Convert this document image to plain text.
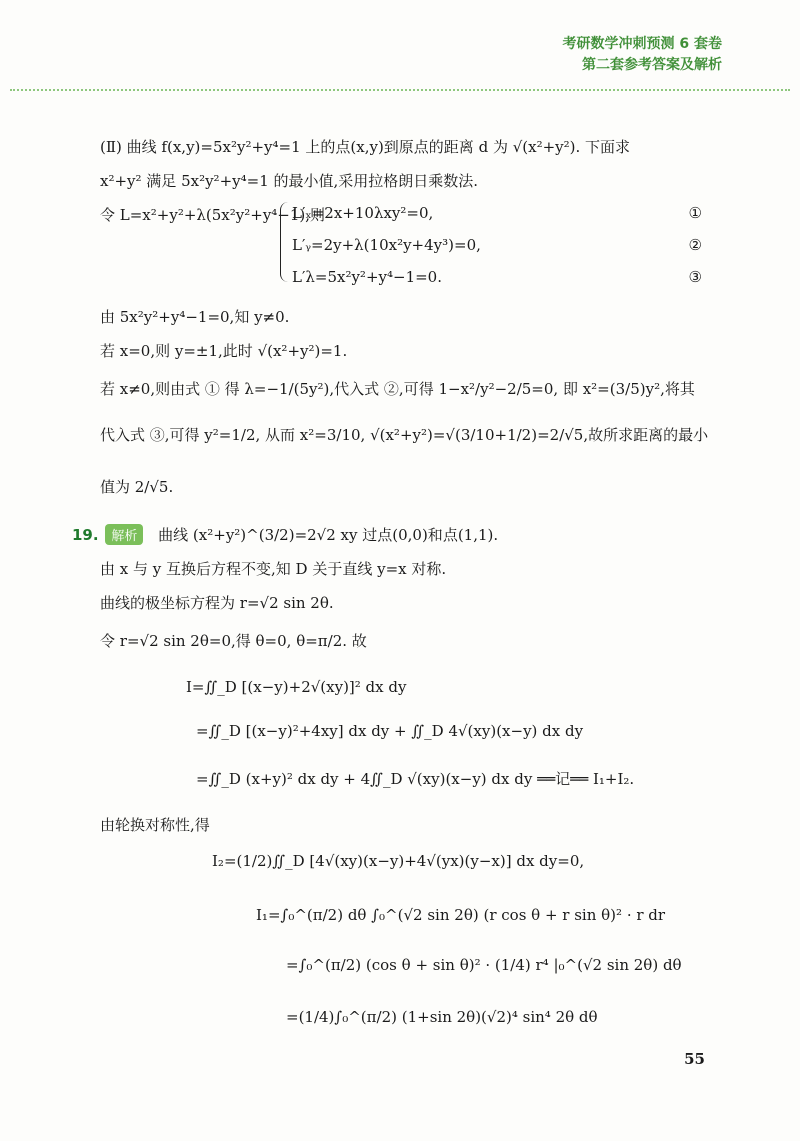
考研数学冲刺预测 6 套卷
第二套参考答案及解析
(Ⅱ) 曲线 f(x,y)=5x²y²+y⁴=1 上的点(x,y)到原点的距离 d 为 √(x²+y²). 下面求
x²+y² 满足 5x²y²+y⁴=1 的最小值,采用拉格朗日乘数法.
令 L=x²+y²+λ(5x²y²+y⁴−1),则
L′ₓ=2x+10λxy²=0,	①
L′ᵧ=2y+λ(10x²y+4y³)=0,	②
L′λ=5x²y²+y⁴−1=0.	③
由 5x²y²+y⁴−1=0,知 y≠0.
若 x=0,则 y=±1,此时 √(x²+y²)=1.
若 x≠0,则由式 ① 得 λ=−1/(5y²),代入式 ②,可得 1−x²/y²−2/5=0, 即 x²=(3/5)y²,将其
代入式 ③,可得 y²=1/2, 从而 x²=3/10, √(x²+y²)=√(3/10+1/2)=2/√5,故所求距离的最小
值为 2/√5.
19. 解析 曲线 (x²+y²)^(3/2)=2√2 xy 过点(0,0)和点(1,1).
由 x 与 y 互换后方程不变,知 D 关于直线 y=x 对称.
曲线的极坐标方程为 r=√2 sin 2θ.
令 r=√2 sin 2θ=0,得 θ=0, θ=π/2. 故
I=∬_D [(x−y)+2√(xy)]² dx dy
=∬_D [(x−y)²+4xy] dx dy + ∬_D 4√(xy)(x−y) dx dy
=∬_D (x+y)² dx dy + 4∬_D √(xy)(x−y) dx dy ══记══ I₁+I₂.
由轮换对称性,得
I₂=(1/2)∬_D [4√(xy)(x−y)+4√(yx)(y−x)] dx dy=0,
I₁=∫₀^(π/2) dθ ∫₀^(√2 sin 2θ) (r cos θ + r sin θ)² · r dr
=∫₀^(π/2) (cos θ + sin θ)² · (1/4) r⁴ |₀^(√2 sin 2θ) dθ
=(1/4)∫₀^(π/2) (1+sin 2θ)(√2)⁴ sin⁴ 2θ dθ
55
